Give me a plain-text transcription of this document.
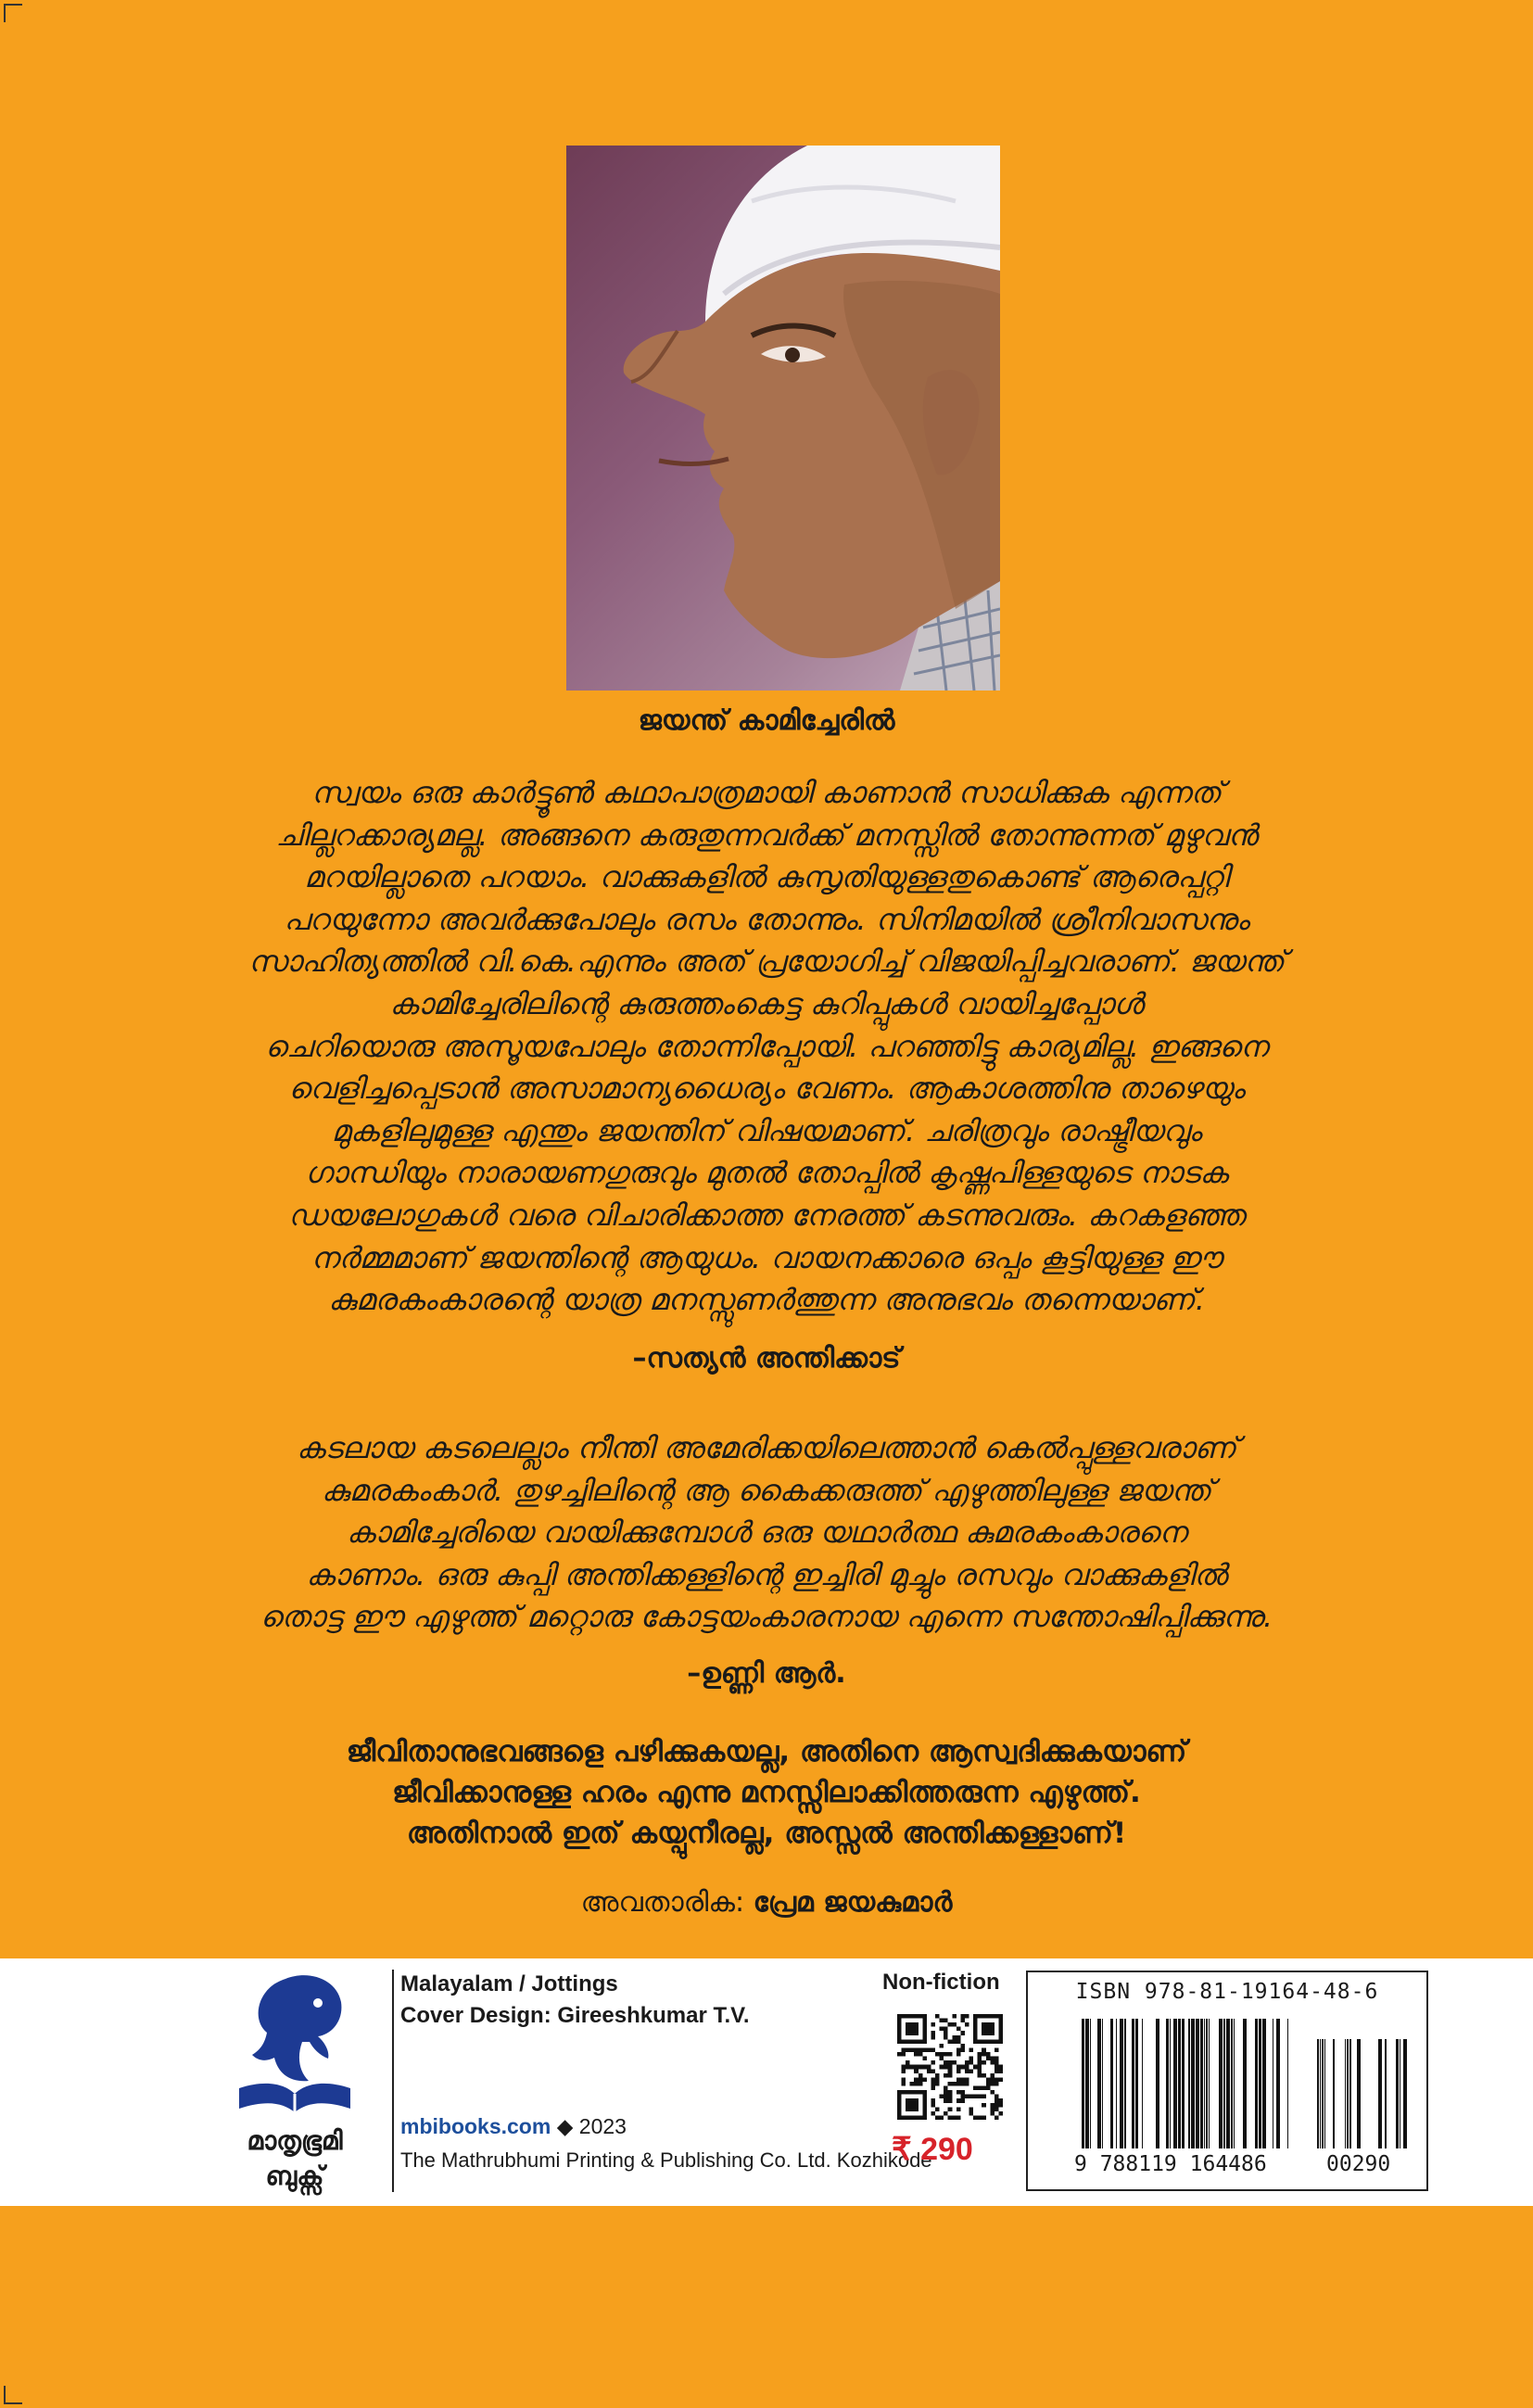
ജയന്ത് കാമിച്ചേരിൽ
സ്വയം ഒരു കാർട്ടൂൺ കഥാപാത്രമായി കാണാൻ സാധിക്കുക എന്നത്
ചില്ലറക്കാര്യമല്ല. അങ്ങനെ കരുതുന്നവർക്ക് മനസ്സിൽ തോന്നുന്നത് മുഴുവൻ
മറയില്ലാതെ പറയാം. വാക്കുകളിൽ കുസൃതിയുള്ളതുകൊണ്ട് ആരെപ്പറ്റി
പറയുന്നോ അവർക്കുപോലും രസം തോന്നും. സിനിമയിൽ ശ്രീനിവാസനും
സാഹിത്യത്തിൽ വി.കെ.എന്നും അത് പ്രയോഗിച്ച് വിജയിപ്പിച്ചവരാണ്. ജയന്ത്
കാമിച്ചേരിലിന്റെ കുരുത്തംകെട്ട കുറിപ്പുകൾ വായിച്ചപ്പോൾ
ചെറിയൊരു അസൂയപോലും തോന്നിപ്പോയി. പറഞ്ഞിട്ടു കാര്യമില്ല. ഇങ്ങനെ
വെളിച്ചപ്പെടാൻ അസാമാന്യധൈര്യം വേണം. ആകാശത്തിനു താഴെയും
മുകളിലുമുള്ള എന്തും ജയന്തിന് വിഷയമാണ്. ചരിത്രവും രാഷ്ട്രീയവും
ഗാന്ധിയും നാരായണഗുരുവും മുതൽ തോപ്പിൽ കൃഷ്ണപിള്ളയുടെ നാടക
ഡയലോഗുകൾ വരെ വിചാരിക്കാത്ത നേരത്ത് കടന്നുവരും. കറകളഞ്ഞ
നർമ്മമാണ് ജയന്തിന്റെ ആയുധം. വായനക്കാരെ ഒപ്പം കൂട്ടിയുള്ള ഈ
കുമരകംകാരന്റെ യാത്ര മനസ്സുണർത്തുന്ന അനുഭവം തന്നെയാണ്.
–സത്യൻ അന്തിക്കാട്
കടലായ കടലെല്ലാം നീന്തി അമേരിക്കയിലെത്താൻ കെൽപ്പുള്ളവരാണ്
കുമരകംകാർ. തുഴച്ചിലിന്റെ ആ കൈക്കരുത്ത് എഴുത്തിലുള്ള ജയന്ത്
കാമിച്ചേരിയെ വായിക്കുമ്പോൾ ഒരു യഥാർത്ഥ കുമരകംകാരനെ
കാണാം. ഒരു കുപ്പി അന്തിക്കള്ളിന്റെ ഇച്ചിരി മുച്ചും രസവും വാക്കുകളിൽ
തൊട്ട ഈ എഴുത്ത് മറ്റൊരു കോട്ടയംകാരനായ എന്നെ സന്തോഷിപ്പിക്കുന്നു.
–ഉണ്ണി ആർ.
ജീവിതാനുഭവങ്ങളെ പഴിക്കുകയല്ല, അതിനെ ആസ്വദിക്കുകയാണ്
ജീവിക്കാനുള്ള ഹരം എന്നു മനസ്സിലാക്കിത്തരുന്ന എഴുത്ത്.
അതിനാൽ ഇത് കയ്പുനീരല്ല, അസ്സൽ അന്തിക്കള്ളാണ്!
അവതാരിക: പ്രേമ ജയകുമാർ
മാതൃഭൂമി
ബുക്സ്
Malayalam / Jottings
Cover Design: Gireeshkumar T.V.
mbibooks.com ◆ 2023
The Mathrubhumi Printing & Publishing Co. Ltd. Kozhikode
Non-fiction
₹ 290
ISBN 978-81-19164-48-6
9 788119 164486	00290
